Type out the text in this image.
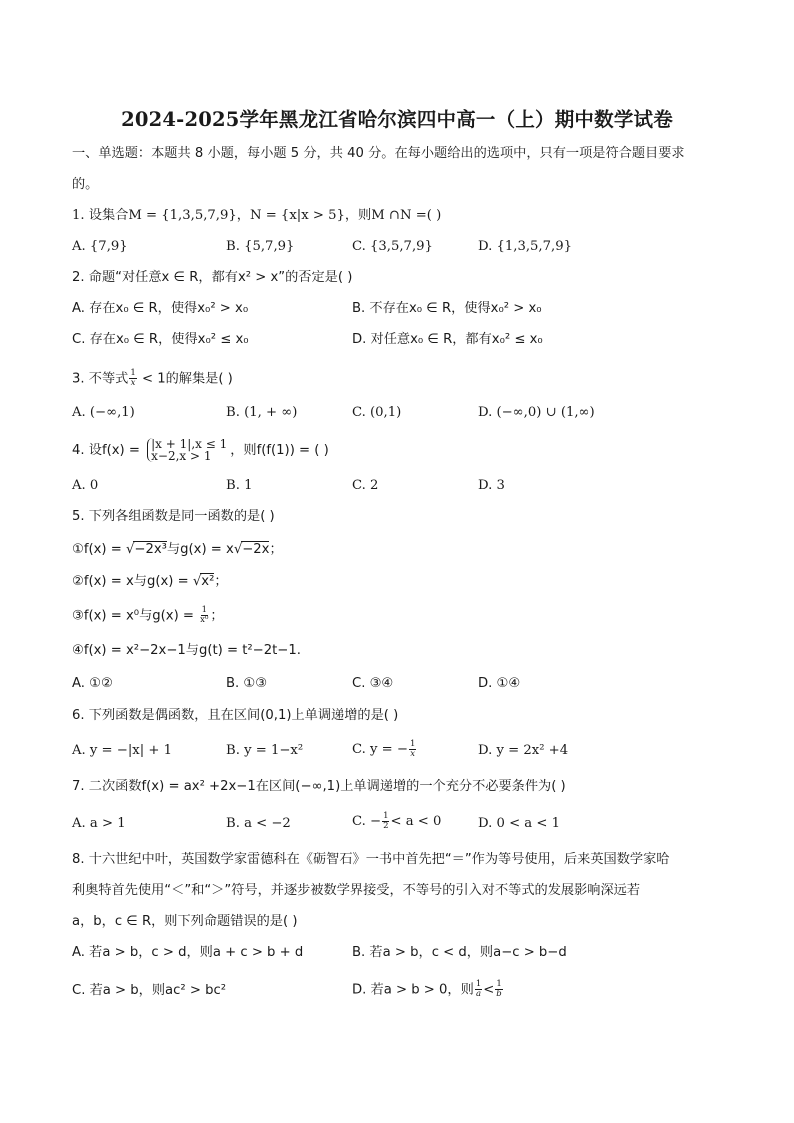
2024-2025学年黑龙江省哈尔滨四中高一（上）期中数学试卷
一、单选题：本题共 8 小题，每小题 5 分，共 40 分。在每小题给出的选项中，只有一项是符合题目要求
的。
1. 设集合M = {1,3,5,7,9}，N = {x|x > 5}，则M ∩N =( )
A. {7,9}	B. {5,7,9}	C. {3,5,7,9}	D. {1,3,5,7,9}
2. 命题“对任意x ∈ R，都有x² > x”的否定是( )
A. 存在x₀ ∈ R，使得x₀² > x₀	B. 不存在x₀ ∈ R，使得x₀² > x₀
C. 存在x₀ ∈ R，使得x₀² ≤ x₀	D. 对任意x₀ ∈ R，都有x₀² ≤ x₀
3. 不等式 $\frac{1}{x} < 1$的解集是( )
A. (−∞,1)	B. (1, + ∞)	C. (0,1)	D. (−∞,0) ∪ (1,∞)
4. 设f(x) = |x + 1|,x ≤ 1
x−2,x > 1	，则f(f(1)) = ( )
A. 0	B. 1	C. 2	D. 3
5. 下列各组函数是同一函数的是( )
①f(x) = √−2x³与g(x) = x√−2x；
②f(x) = x与g(x) = √x²；
③f(x) = x⁰与$g(x) = \frac{1}{\text{x⁰}}$ ；
④f(x) = x²−2x−1与g(t) = t²−2t−1.
A. ①②	B. ①③	C. ③④	D. ①④
6. 下列函数是偶函数，且在区间(0,1)上单调递增的是( )
A. y = −|x| + 1	B. y = 1−x²	C. y = − $\frac{1}{x}$	D. y = 2x² +4
7. 二次函数f(x) = ax² +2x−1在区间(−∞,1)上单调递增的一个充分不必要条件为( )
A. a > 1	B. a < −2	C. − $\frac{1}{2} < a < 0$	D. 0 < a < 1
8. 十六世纪中叶，英国数学家雷德科在《砺智石》一书中首先把“＝”作为等号使用，后来英国数学家哈
利奥特首先使用“＜”和“＞”符号，并逐步被数学界接受，不等号的引入对不等式的发展影响深远若
a，b，c ∈ R，则下列命题错误的是( )
A. 若a > b，c > d，则a + c > b + d	B. 若a > b，c < d，则a−c > b−d
C. 若a > b，则ac² > bc²	D. 若a > b > 0，则 $\frac{1}{a} < \frac{1}{b}$
